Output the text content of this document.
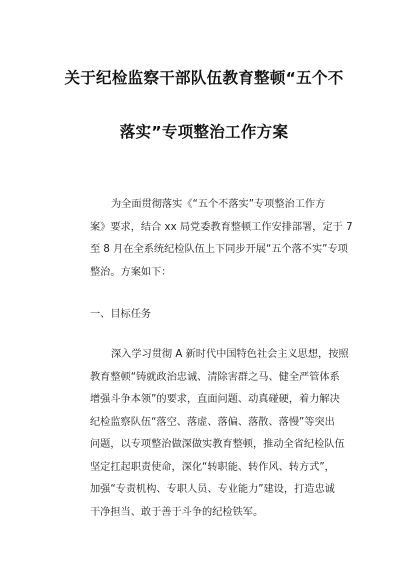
关于纪检监察干部队伍教育整顿“五个不
落实”专项整治工作方案
为全面贯彻落实《“五个不落实”专项整治工作方
案》要求，结合 xx 局党委教育整顿工作安排部署，定于 7
至 8 月在全系统纪检队伍上下同步开展“五个落不实”专项
整治。方案如下：
一、目标任务
深入学习贯彻 A 新时代中国特色社会主义思想，按照
教育整顿“铸就政治忠诚、清除害群之马、健全严管体系
增强斗争本领”的要求，直面问题、动真碰硬，着力解决
纪检监察队伍“落空、落虚、落偏、落散、落慢”等突出
问题，以专项整治做深做实教育整顿，推动全省纪检队伍
坚定扛起职责使命，深化“转职能、转作风、转方式”，
加强“专责机构、专职人员、专业能力”建设，打造忠诚
干净担当、敢于善于斗争的纪检铁军。
